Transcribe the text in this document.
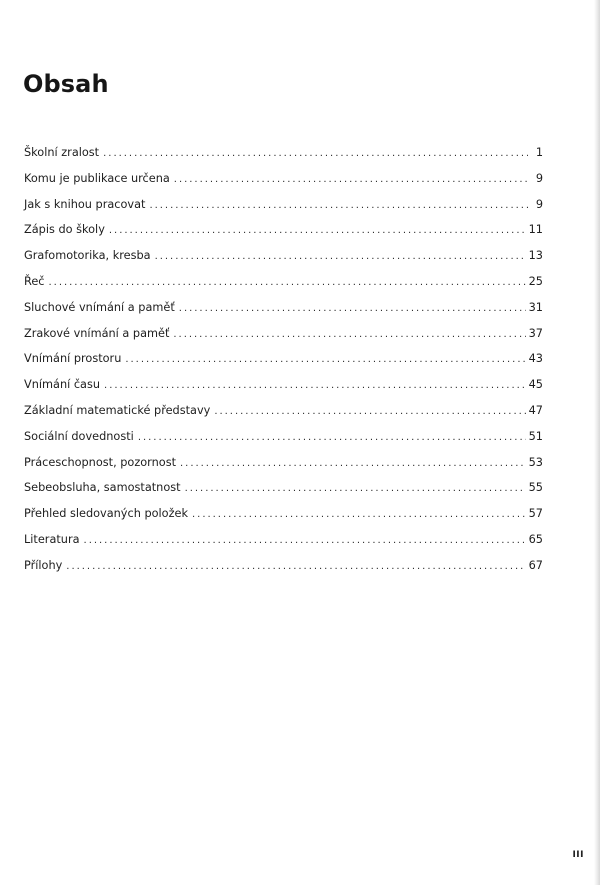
Obsah
Školní zralost . . .	1
Komu je publikace určena . . .	9
Jak s knihou pracovat . . .	9
Zápis do školy . . .	11
Grafomotorika, kresba . . .	13
Řeč . . .	25
Sluchové vnímání a paměť . . .	31
Zrakové vnímání a paměť . . .	37
Vnímání prostoru . . .	43
Vnímání času . . .	45
Základní matematické představy . . .	47
Sociální dovednosti . . .	51
Práceschopnost, pozornost . . .	53
Sebeobsluha, samostatnost . . .	55
Přehled sledovaných položek . . .	57
Literatura . . .	65
Přílohy . . .	67
III
